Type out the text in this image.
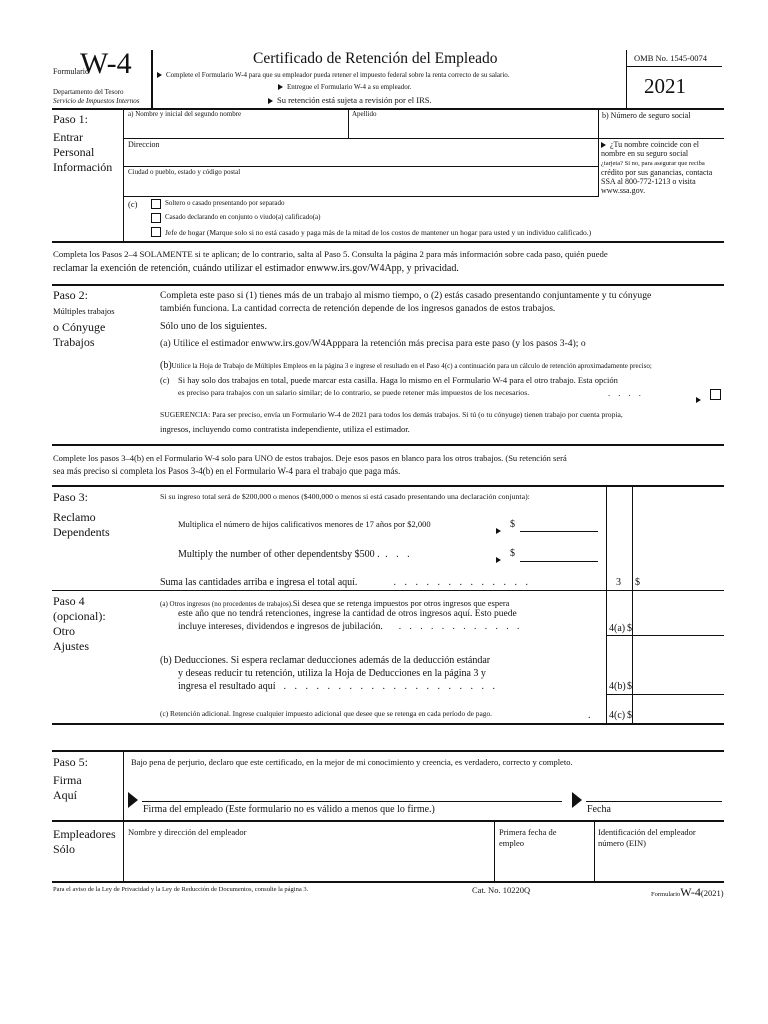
Formulario
W-4
Departamento del Tesoro
Servicio de Impuestos Internos
Certificado de Retención del Empleado
Complete el Formulario W-4 para que su empleador pueda retener el impuesto federal sobre la renta correcto de su salario.
Entregue el Formulario W-4 a su empleador.
Su retención está sujeta a revisión por el IRS.
OMB No. 1545-0074
2021
Paso 1:
Entrar
Personal
Información
a) Nombre y inicial del segundo nombre	Apellido	b) Número de seguro social
Direccion
Ciudad o pueblo, estado y código postal
¿Tu nombre coincide con el nombre en su seguro social
¿tarjeta? Si no, para asegurar que reciba
crédito por sus ganancias, contacta SSA al 800-772-1213 o visita www.ssa.gov.
(c)	Soltero o casado presentando por separado
Casado declarando en conjunto o viudo(a) calificado(a)
Jefe de hogar (Marque solo si no está casado y paga más de la mitad de los costos de mantener un hogar para usted y un individuo calificado.)
Completa los Pasos 2–4 SOLAMENTE si te aplican; de lo contrario, salta al Paso 5. Consulta la página 2 para más información sobre cada paso, quién puede
reclamar la exención de retención, cuándo utilizar el estimador enwww.irs.gov/W4App, y privacidad.
Paso 2:
Múltiples trabajos
o Cónyuge
Trabajos
Completa este paso si (1) tienes más de un trabajo al mismo tiempo, o (2) estás casado presentando conjuntamente y tu cónyuge
también funciona. La cantidad correcta de retención depende de los ingresos ganados de estos trabajos.
Sólo uno de los siguientes.
(a) Utilice el estimador enwww.irs.gov/W4Apppara la retención más precisa para este paso (y los pasos 3-4); o
(b)Utilice la Hoja de Trabajo de Múltiples Empleos en la página 3 e ingrese el resultado en el Paso 4(c) a continuación para un cálculo de retención aproximadamente preciso;
(c) Si hay solo dos trabajos en total, puede marcar esta casilla. Haga lo mismo en el Formulario W-4 para el otro trabajo. Esta opción
es preciso para trabajos con un salario similar; de lo contrario, se puede retener más impuestos de los necesarios.	. . . .
SUGERENCIA: Para ser preciso, envía un Formulario W-4 de 2021 para todos los demás trabajos. Si tú (o tu cónyuge) tienen trabajo por cuenta propia,
ingresos, incluyendo como contratista independiente, utiliza el estimador.
Complete los pasos 3–4(b) en el Formulario W-4 solo para UNO de estos trabajos. Deje esos pasos en blanco para los otros trabajos. (Su retención será
sea más preciso si completa los Pasos 3-4(b) en el Formulario W-4 para el trabajo que paga más.
Paso 3:
Reclamo
Dependents
Si su ingreso total será de $200,000 o menos ($400,000 o menos si está casado presentando una declaración conjunta):
Multiplica el número de hijos calificativos menores de 17 años por $2,000	$
Multiply the number of other dependentsby $500 . . . .	$
Suma las cantidades arriba e ingresa el total aquí.	. . . . . . . . . . . . .	3 $
Paso 4
(opcional):
Otro
Ajustes
(a) Otros ingresos (no procedentes de trabajos).Si desea que se retenga impuestos por otros ingresos que espera
este año que no tendrá retenciones, ingrese la cantidad de otros ingresos aquí. Esto puede
incluye intereses, dividendos e ingresos de jubilación. . . . . . . . . . . . .	4(a) $
(b) Deducciones. Si espera reclamar deducciones además de la deducción estándar
y deseas reducir tu retención, utiliza la Hoja de Deducciones en la página 3 y
ingresa el resultado aquí . . . . . . . . . . . . . . . . . . . .	4(b) $
(c) Retención adicional. Ingrese cualquier impuesto adicional que desee que se retenga en cada período de pago.	. 4(c) $
Paso 5:
Firma
Aquí
Bajo pena de perjurio, declaro que este certificado, en la mejor de mi conocimiento y creencia, es verdadero, correcto y completo.
Firma del empleado (Este formulario no es válido a menos que lo firme.)	Fecha
Empleadores
Sólo
Nombre y dirección del empleador	Primera fecha de
empleo
Identificación del empleador
número (EIN)
Para el aviso de la Ley de Privacidad y la Ley de Reducción de Documentos, consulte la página 3.	Cat. No. 10220Q	FormularioW-4(2021)
